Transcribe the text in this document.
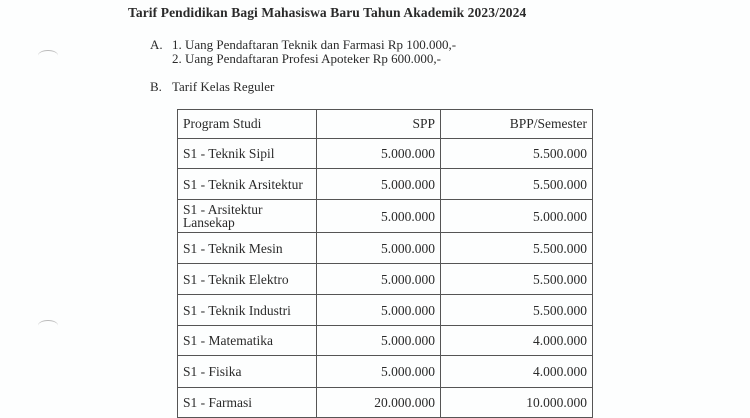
Tarif Pendidikan Bagi Mahasiswa Baru Tahun Akademik 2023/2024
A. 1. Uang Pendaftaran Teknik dan Farmasi Rp 100.000,-
2. Uang Pendaftaran Profesi Apoteker Rp 600.000,-
B. Tarif Kelas Reguler
Program Studi	SPP	BPP/Semester
S1 - Teknik Sipil	5.000.000	5.500.000
S1 - Teknik Arsitektur	5.000.000	5.500.000
S1 - Arsitektur Lansekap	5.000.000	5.000.000
S1 - Teknik Mesin	5.000.000	5.500.000
S1 - Teknik Elektro	5.000.000	5.500.000
S1 - Teknik Industri	5.000.000	5.500.000
S1 - Matematika	5.000.000	4.000.000
S1 - Fisika	5.000.000	4.000.000
S1 - Farmasi	20.000.000	10.000.000
